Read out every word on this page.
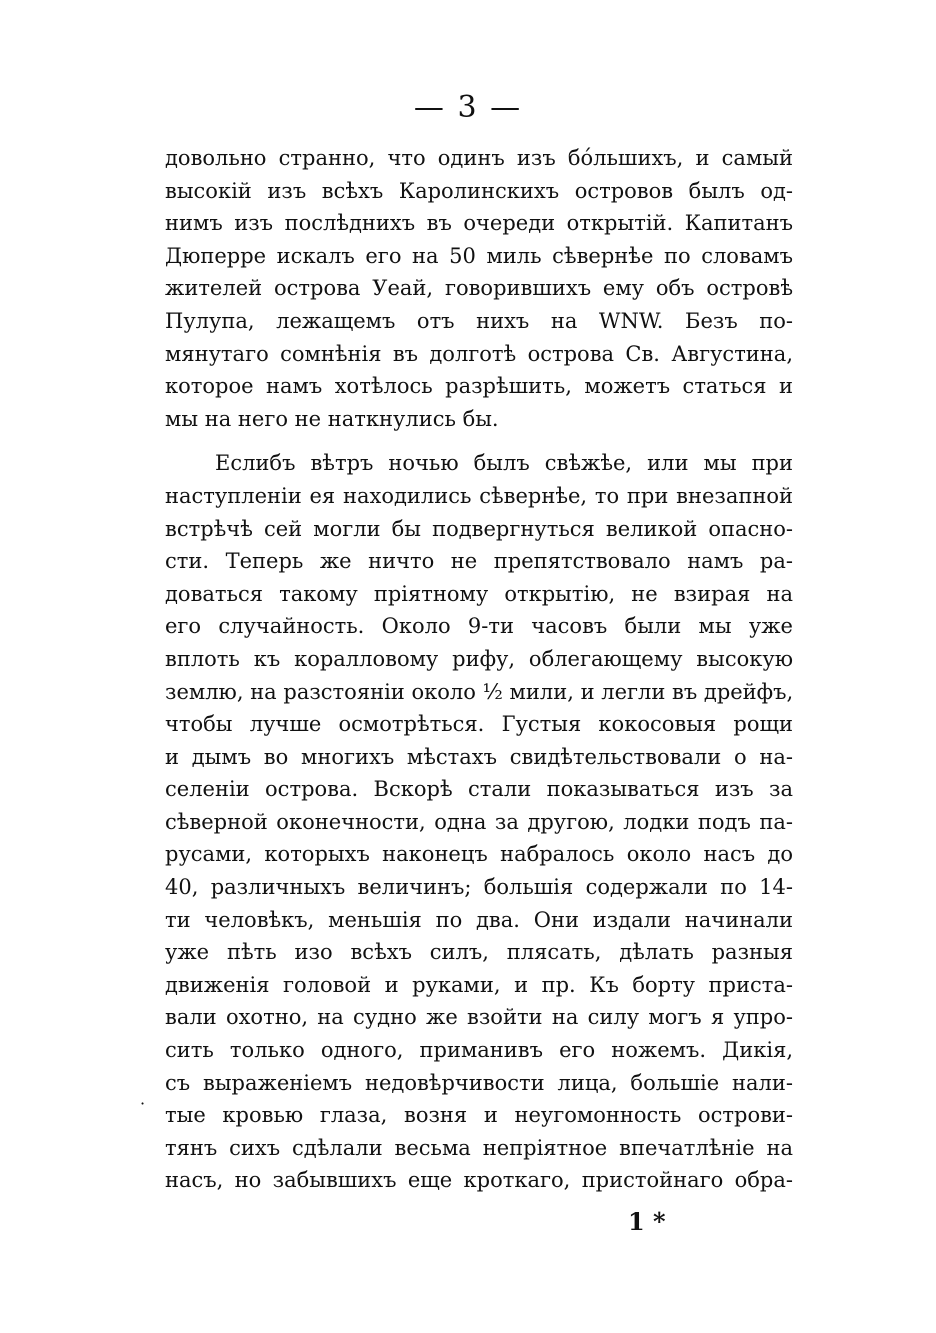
— 3 —
·
довольно странно, что одинъ изъ бо́льшихъ, и самый
высокій изъ всѣхъ Каролинскихъ островов былъ од-
нимъ изъ послѣднихъ въ очереди открытій. Капитанъ
Дюперре искалъ его на 50 миль сѣвернѣе по словамъ
жителей острова Уеай, говорившихъ ему объ островѣ
Пулупа, лежащемъ отъ нихъ на WNW. Безъ по-
мянутаго сомнѣнія въ долготѣ острова Св. Августина,
которое намъ хотѣлось разрѣшить, можетъ статься и
мы на него не наткнулись бы.
Еслибъ вѣтръ ночью былъ свѣжѣе, или мы при
наступленіи ея находились сѣвернѣе, то при внезапной
встрѣчѣ сей могли бы подвергнуться великой опасно-
сти. Теперь же ничто не препятствовало намъ ра-
доваться такому пріятному открытію, не взирая на
его случайность. Около 9-ти часовъ были мы уже
вплоть къ коралловому рифу, облегающему высокую
землю, на разстояніи около ½ мили, и легли въ дрейфъ,
чтобы лучше осмотрѣться. Густыя кокосовыя рощи
и дымъ во многихъ мѣстахъ свидѣтельствовали о на-
селеніи острова. Вскорѣ стали показываться изъ за
сѣверной оконечности, одна за другою, лодки подъ па-
русами, которыхъ наконецъ набралось около насъ до
40, различныхъ величинъ; большія содержали по 14-
ти человѣкъ, меньшія по два. Они издали начинали
уже пѣть изо всѣхъ силъ, плясать, дѣлать разныя
движенія головой и руками, и пр. Къ борту приста-
вали охотно, на судно же взойти на силу могъ я упро-
сить только одного, приманивъ его ножемъ. Дикія,
съ выраженіемъ недовѣрчивости лица, большіе нали-
тые кровью глаза, возня и неугомонность острови-
тянъ сихъ сдѣлали весьма непріятное впечатлѣніе на
насъ, но забывшихъ еще кроткаго, пристойнаго обра-
1 *
